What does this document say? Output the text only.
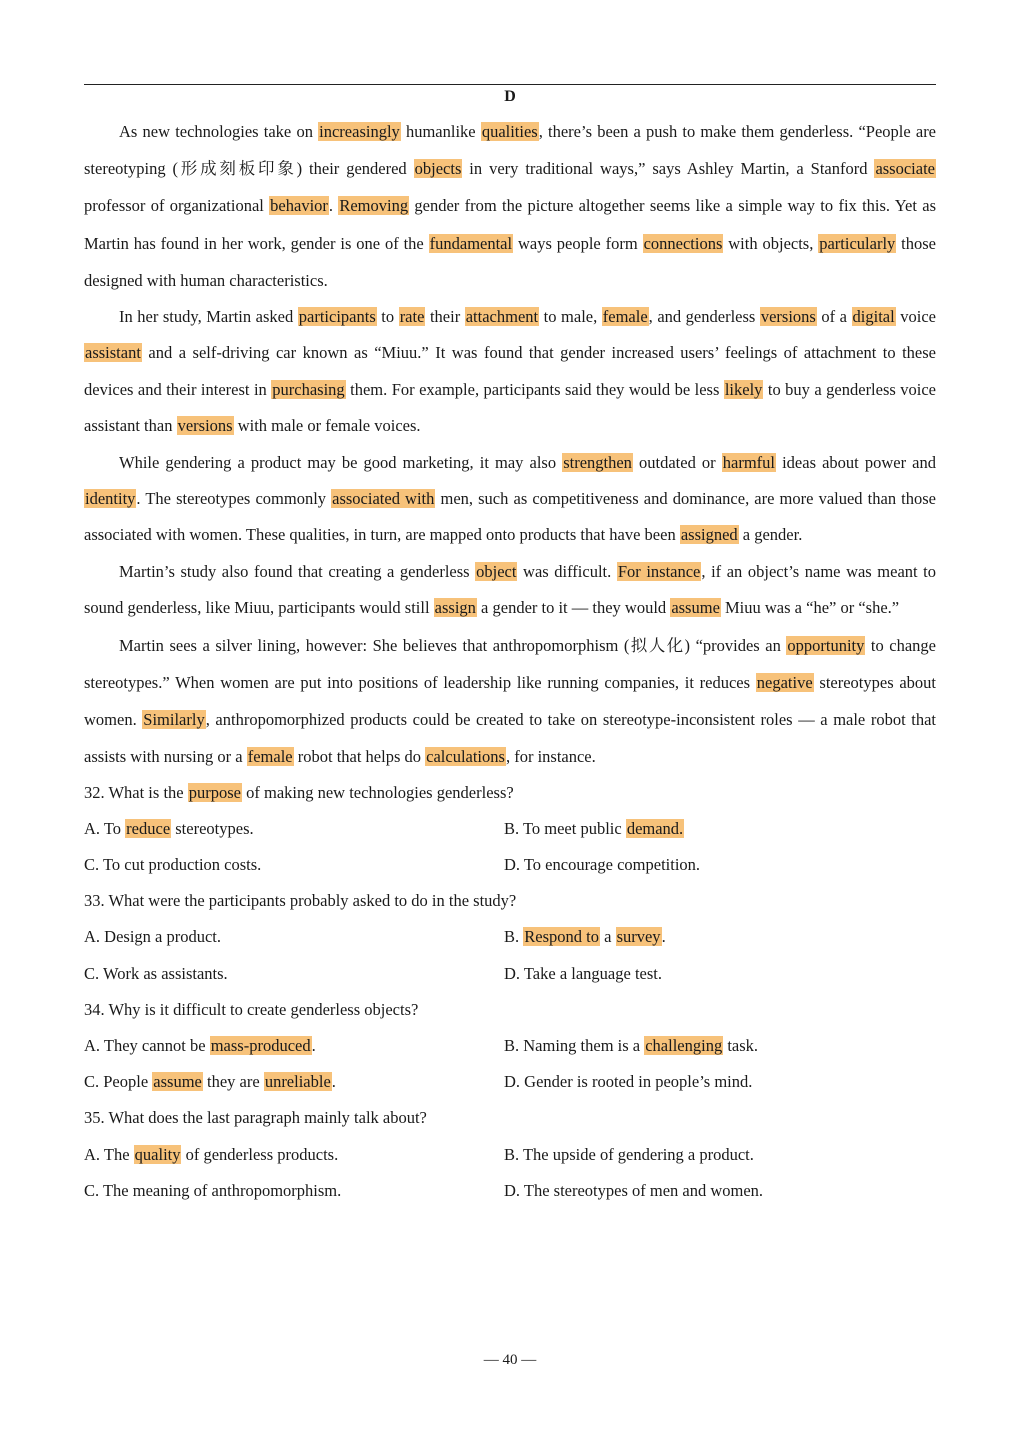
D

As new technologies take on increasingly humanlike qualities, there’s been a push to make them genderless. “People are stereotyping (形成刻板印象) their gendered objects in very traditional ways,” says Ashley Martin, a Stanford associate professor of organizational behavior. Removing gender from the picture altogether seems like a simple way to fix this. Yet as Martin has found in her work, gender is one of the fundamental ways people form connections with objects, particularly those designed with human characteristics.

In her study, Martin asked participants to rate their attachment to male, female, and genderless versions of a digital voice assistant and a self-driving car known as “Miuu.” It was found that gender increased users’ feelings of attachment to these devices and their interest in purchasing them. For example, participants said they would be less likely to buy a genderless voice assistant than versions with male or female voices.

While gendering a product may be good marketing, it may also strengthen outdated or harmful ideas about power and identity. The stereotypes commonly associated with men, such as competitiveness and dominance, are more valued than those associated with women. These qualities, in turn, are mapped onto products that have been assigned a gender.

Martin’s study also found that creating a genderless object was difficult. For instance, if an object’s name was meant to sound genderless, like Miuu, participants would still assign a gender to it — they would assume Miuu was a “he” or “she.”

Martin sees a silver lining, however: She believes that anthropomorphism (拟人化) “provides an opportunity to change stereotypes.” When women are put into positions of leadership like running companies, it reduces negative stereotypes about women. Similarly, anthropomorphized products could be created to take on stereotype-inconsistent roles — a male robot that assists with nursing or a female robot that helps do calculations, for instance.

32. What is the purpose of making new technologies genderless?

A. To reduce stereotypes.	B. To meet public demand.
C. To cut production costs.	D. To encourage competition.

33. What were the participants probably asked to do in the study?

A. Design a product.	B. Respond to a survey.
C. Work as assistants.	D. Take a language test.

34. Why is it difficult to create genderless objects?

A. They cannot be mass-produced.	B. Naming them is a challenging task.
C. People assume they are unreliable.	D. Gender is rooted in people’s mind.

35. What does the last paragraph mainly talk about?

A. The quality of genderless products.	B. The upside of gendering a product.
C. The meaning of anthropomorphism.	D. The stereotypes of men and women.
— 40 —
